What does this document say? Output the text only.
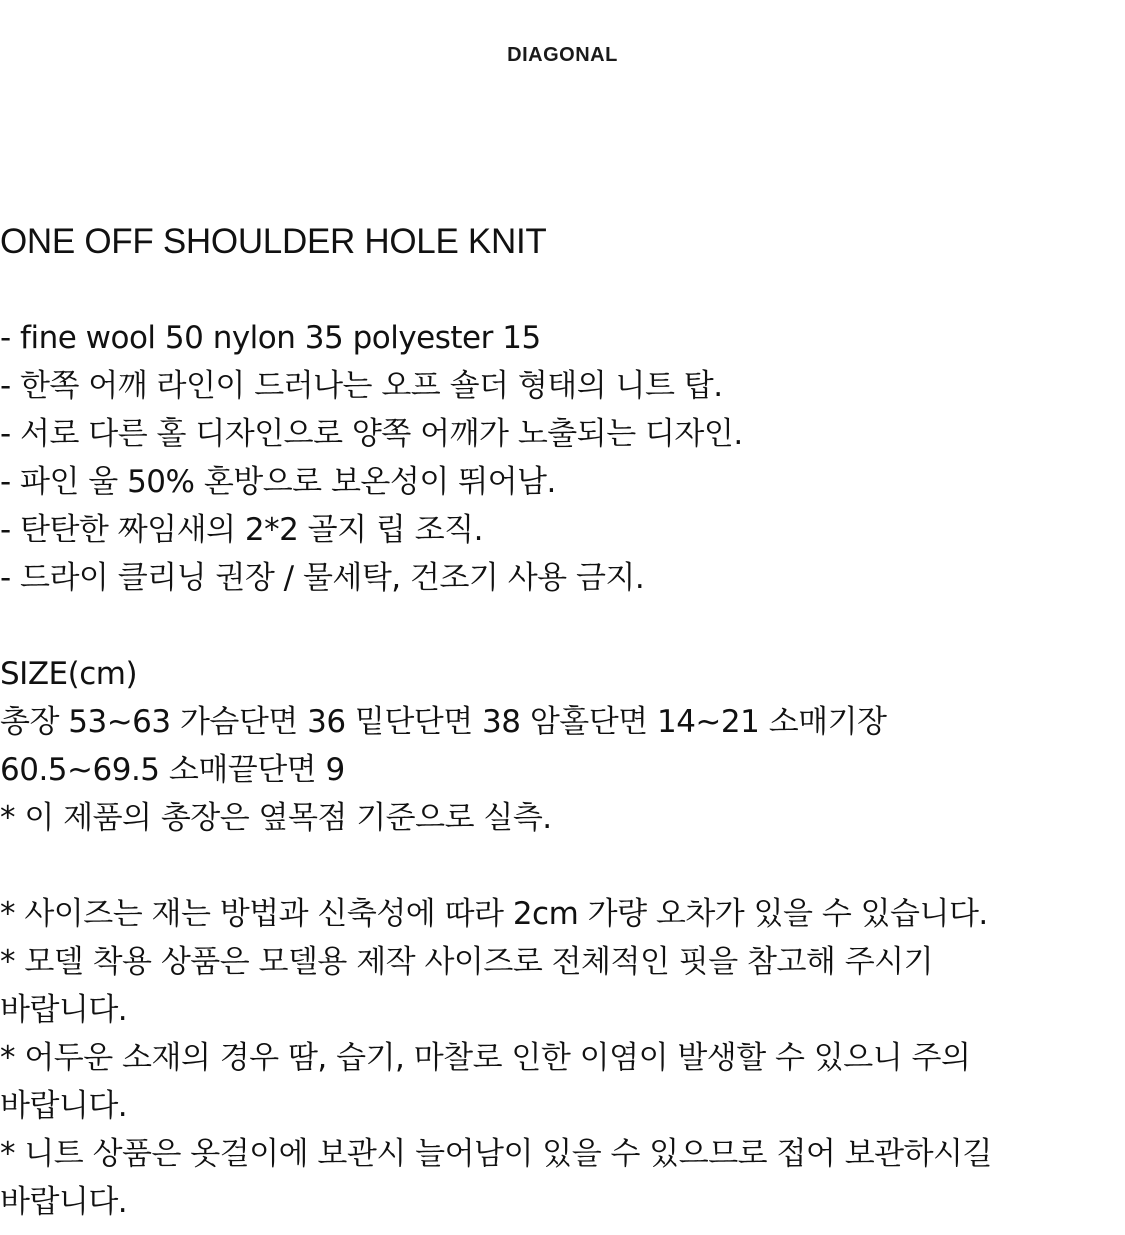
DIAGONAL
ONE OFF SHOULDER HOLE KNIT
- fine wool 50 nylon 35 polyester 15
- 한쪽 어깨 라인이 드러나는 오프 숄더 형태의 니트 탑.
- 서로 다른 홀 디자인으로 양쪽 어깨가 노출되는 디자인.
- 파인 울 50% 혼방으로 보온성이 뛰어남.
- 탄탄한 짜임새의 2*2 골지 립 조직.
- 드라이 클리닝 권장 / 물세탁, 건조기 사용 금지.
SIZE(cm)
총장 53~63 가슴단면 36 밑단단면 38 암홀단면 14~21 소매기장
60.5~69.5 소매끝단면 9
* 이 제품의 총장은 옆목점 기준으로 실측.
* 사이즈는 재는 방법과 신축성에 따라 2cm 가량 오차가 있을 수 있습니다.
* 모델 착용 상품은 모델용 제작 사이즈로 전체적인 핏을 참고해 주시기
바랍니다.
* 어두운 소재의 경우 땀, 습기, 마찰로 인한 이염이 발생할 수 있으니 주의
바랍니다.
* 니트 상품은 옷걸이에 보관시 늘어남이 있을 수 있으므로 접어 보관하시길
바랍니다.
